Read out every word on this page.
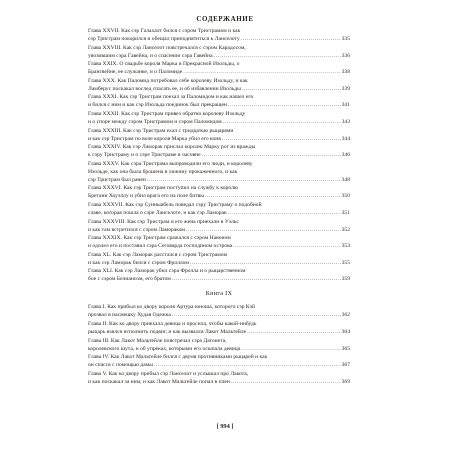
СОДЕРЖАНИЕ
Глава XXVII. Как сэр Галахалт бился с сэром Тристрамом и как
сэр Тристрам покорился и обещал приподнятиться к Ланселоту .....	335
Глава XXVIII. Как сэр Ланселот повстречался с сэром Карадосом,
увозившим сэра Гавейна, и о спасении сэра Гавейна .....	336
Глава XXIX. О свадьбе короля Марка и Прекрасной Изольды, о
Брангвейне, ее служанке, и о Паломиде .....	338
Глава XXX. Как Паломид потребовал себе королеву Изольду, и как
Ламберус поскакал вослед спасать ее, и об избавлении Изольды .....	339
Глава XXXI. Как сэр Тристрам поехал за Паломидом и как нашел его
и бился с ним и как сэр Изольда поединок был прекращен .....	341
Глава XXXII. Как сэр Тристрам привез обратно королеву Изольду
и о споре между сэром Тристрамом и сэром Паломидом .....	343
Глава XXXIII. Как сэр Тристрам ехал с тридцатью рыцарями
и как сэр Тристрам по воле короля Марка убил его коня .....	344
Глава XXXIV. Как сэр Ламорак прислал королю Марку рог из вражды
к сэру Тристраму и о сэре Тристраме в часовне .....	346
Глава XXXV. Как сэра Тристрама выпроводили его люди, и королеву
Изольдe, как она была брошена в хижину прокаженного, и как
сэр Тристрам был ранен .....	348
Глава XXXVI. Как сэр Тристрам поступил на службу к королю
Бретани Хоуэллу и убил врага его на поле битвы .....	350
Глава XXXVII. Как сэр Суиныабель поведал сэру Тристраму о подобной
славе, которая пошла о сэре Ланселоте, и как сэр Ламорак .....	351
Глава XXXVIII. Как сэр Тристрам и его жена приехали в Уэльс
и как там встретился с сэром Ламораком .....	352
Глава XXXIX. Как сэр Тристрам сражался с сэром Навоном
и одолел его и поставил сэра Сеговарда господином острова .....	353
Глава XL. Как сэр Ламорак расстался с сэром Тристрамом
и как сэр Ламорак бился с сэром Фроллом .....	355
Глава XLI. Как сэр Ламорак убил сэра Фролла и о рыцарственном
бое с сэром Белиансом, его братом .....	359
Книга IX
Глава I. Как прибыл ко двору короля Артура юноша, которого сэр Кэй
прозвал в насмешку Худая Одежка .....	362
Глава II. Как ко двору приехала девица и просила, чтобы какой-нибудь
рыцарь взялся исполнить подвиг, и как вызвался Лакот Мальтейле .....	364
Глава III. Как Лакот Мальтейле повстречал сэра Дагонета,
королевского шута, и об упреках, которыми его осыпала девица .....	365
Глава IV. Как Лакот Мальтейле бился с двумя противниками рыцарей и как
он спасся с помощью дамы .....	367
Глава V. Как ко двору прибыл сэр Ланселот и услышал про Лакота,
и как поскакал за ним, и как Лакот Мальтейле попал в плен .....	369
[ 994 ]
